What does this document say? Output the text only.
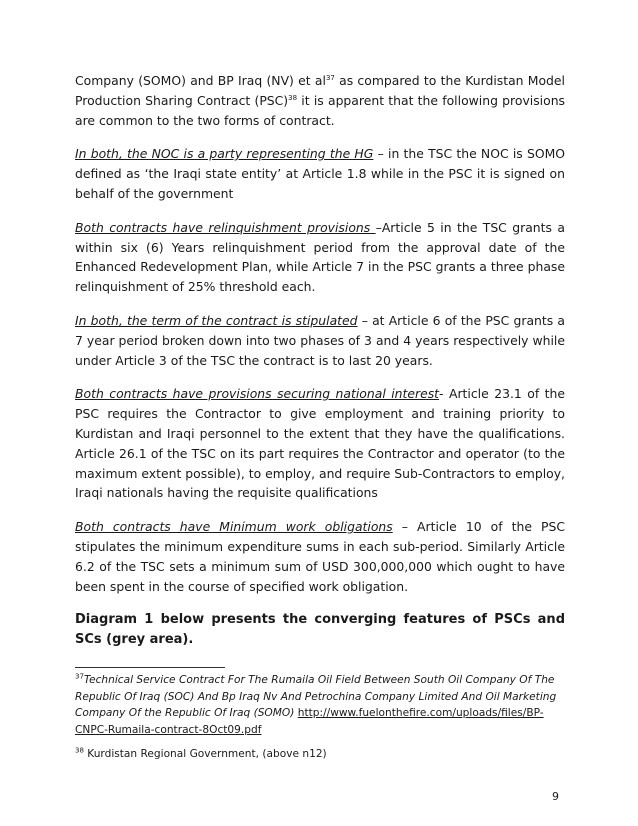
Company (SOMO) and BP Iraq (NV) et $al^{37}$ as compared to the Kurdistan Model Production Sharing Contract (PSC)$^{38}$ it is apparent that the following provisions are common to the two forms of contract.

In both, the NOC is a party representing the HG – in the TSC the NOC is SOMO defined as ‘the Iraqi state entity’ at Article 1.8 while in the PSC it is signed on behalf of the government

Both contracts have relinquishment provisions –Article 5 in the TSC grants a within six (6) Years relinquishment period from the approval date of the Enhanced Redevelopment Plan, while Article 7 in the PSC grants a three phase relinquishment of 25% threshold each.

In both, the term of the contract is stipulated – at Article 6 of the PSC grants a 7 year period broken down into two phases of 3 and 4 years respectively while under Article 3 of the TSC the contract is to last 20 years.

Both contracts have provisions securing national interest- Article 23.1 of the PSC requires the Contractor to give employment and training priority to Kurdistan and Iraqi personnel to the extent that they have the qualifications. Article 26.1 of the TSC on its part requires the Contractor and operator (to the maximum extent possible), to employ, and require Sub-Contractors to employ, Iraqi nationals having the requisite qualifications

Both contracts have Minimum work obligations – Article 10 of the PSC stipulates the minimum expenditure sums in each sub-period. Similarly Article 6.2 of the TSC sets a minimum sum of USD 300,000,000 which ought to have been spent in the course of specified work obligation.

Diagram 1 below presents the converging features of PSCs and SCs (grey area).

$^{37}$Technical Service Contract For The Rumaila Oil Field Between South Oil Company Of The Republic Of Iraq (SOC) And Bp Iraq Nv And Petrochina Company Limited And Oil Marketing Company Of the Republic Of Iraq (SOMO) http://www.fuelonthefire.com/uploads/files/BP-CNPC-Rumaila-contract-8Oct09.pdf

$^{38}$ Kurdistan Regional Government, (above n12)

9
